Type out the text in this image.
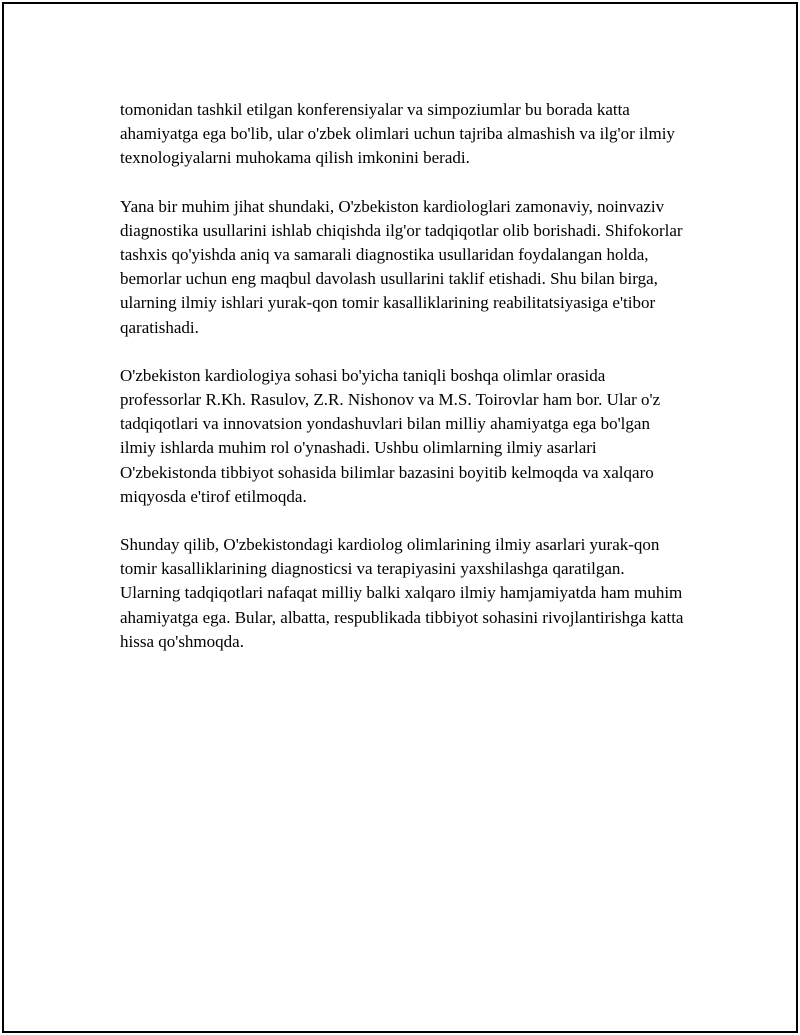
tomonidan tashkil etilgan konferensiyalar va simpoziumlar bu borada katta ahamiyatga ega bo'lib, ular o'zbek olimlari uchun tajriba almashish va ilg'or ilmiy texnologiyalarni muhokama qilish imkonini beradi.

Yana bir muhim jihat shundaki, O'zbekiston kardiologlari zamonaviy, noinvaziv diagnostika usullarini ishlab chiqishda ilg'or tadqiqotlar olib borishadi. Shifokorlar tashxis qo'yishda aniq va samarali diagnostika usullaridan foydalangan holda, bemorlar uchun eng maqbul davolash usullarini taklif etishadi. Shu bilan birga, ularning ilmiy ishlari yurak-qon tomir kasalliklarining reabilitatsiyasiga e'tibor qaratishadi.

O'zbekiston kardiologiya sohasi bo'yicha taniqli boshqa olimlar orasida professorlar R.Kh. Rasulov, Z.R. Nishonov va M.S. Toirovlar ham bor. Ular o'z tadqiqotlari va innovatsion yondashuvlari bilan milliy ahamiyatga ega bo'lgan ilmiy ishlarda muhim rol o'ynashadi. Ushbu olimlarning ilmiy asarlari O'zbekistonda tibbiyot sohasida bilimlar bazasini boyitib kelmoqda va xalqaro miqyosda e'tirof etilmoqda.

Shunday qilib, O'zbekistondagi kardiolog olimlarining ilmiy asarlari yurak-qon tomir kasalliklarining diagnosticsi va terapiyasini yaxshilashga qaratilgan. Ularning tadqiqotlari nafaqat milliy balki xalqaro ilmiy hamjamiyatda ham muhim ahamiyatga ega. Bular, albatta, respublikada tibbiyot sohasini rivojlantirishga katta hissa qo'shmoqda.
